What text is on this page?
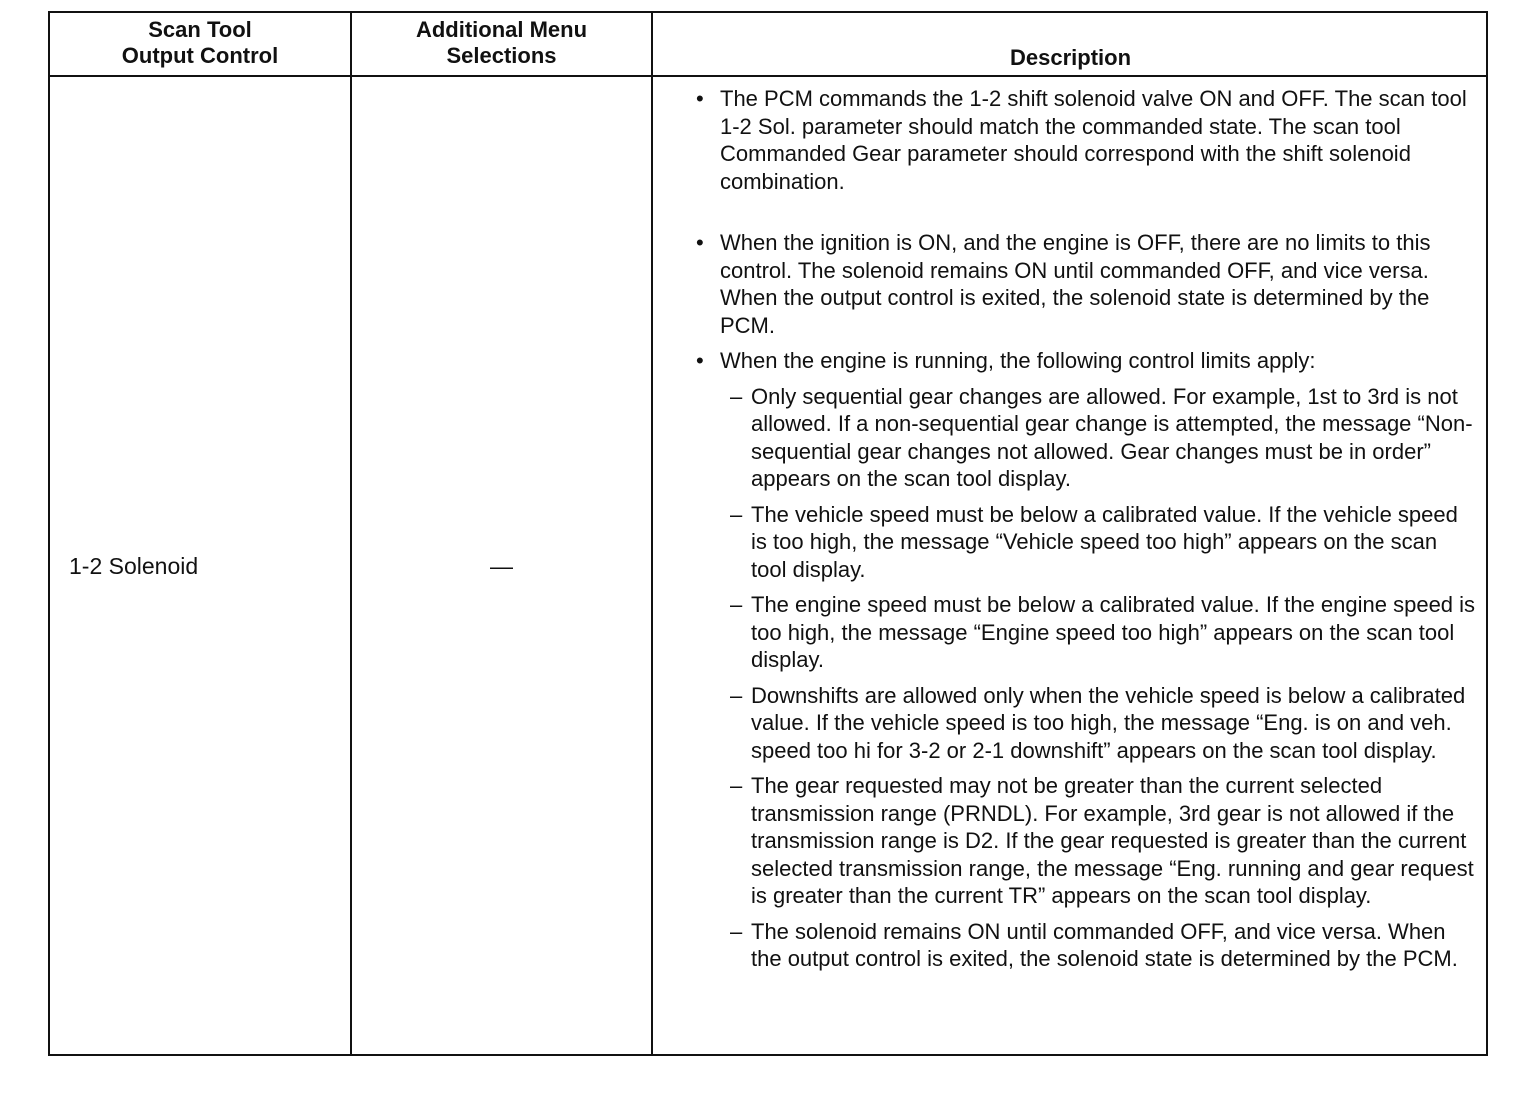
Scan Tool
Output Control
Additional Menu
Selections	Description
1-2 Solenoid	—

• The PCM commands the 1-2 shift solenoid valve ON and OFF. The scan tool 1-2 Sol. parameter should match the commanded state. The scan tool Commanded Gear parameter should correspond with the shift solenoid combination.

• When the ignition is ON, and the engine is OFF, there are no limits to this control. The solenoid remains ON until commanded OFF, and vice versa. When the output control is exited, the solenoid state is determined by the PCM.

• When the engine is running, the following control limits apply:

– Only sequential gear changes are allowed. For example, 1st to 3rd is not allowed. If a non-sequential gear change is attempted, the message “Non-sequential gear changes not allowed. Gear changes must be in order” appears on the scan tool display.

– The vehicle speed must be below a calibrated value. If the vehicle speed is too high, the message “Vehicle speed too high” appears on the scan tool display.

– The engine speed must be below a calibrated value. If the engine speed is too high, the message “Engine speed too high” appears on the scan tool display.

– Downshifts are allowed only when the vehicle speed is below a calibrated value. If the vehicle speed is too high, the message “Eng. is on and veh. speed too hi for 3-2 or 2-1 downshift” appears on the scan tool display.

– The gear requested may not be greater than the current selected transmission range (PRNDL). For example, 3rd gear is not allowed if the transmission range is D2. If the gear requested is greater than the current selected transmission range, the message “Eng. running and gear request is greater than the current TR” appears on the scan tool display.

– The solenoid remains ON until commanded OFF, and vice versa. When the output control is exited, the solenoid state is determined by the PCM.
